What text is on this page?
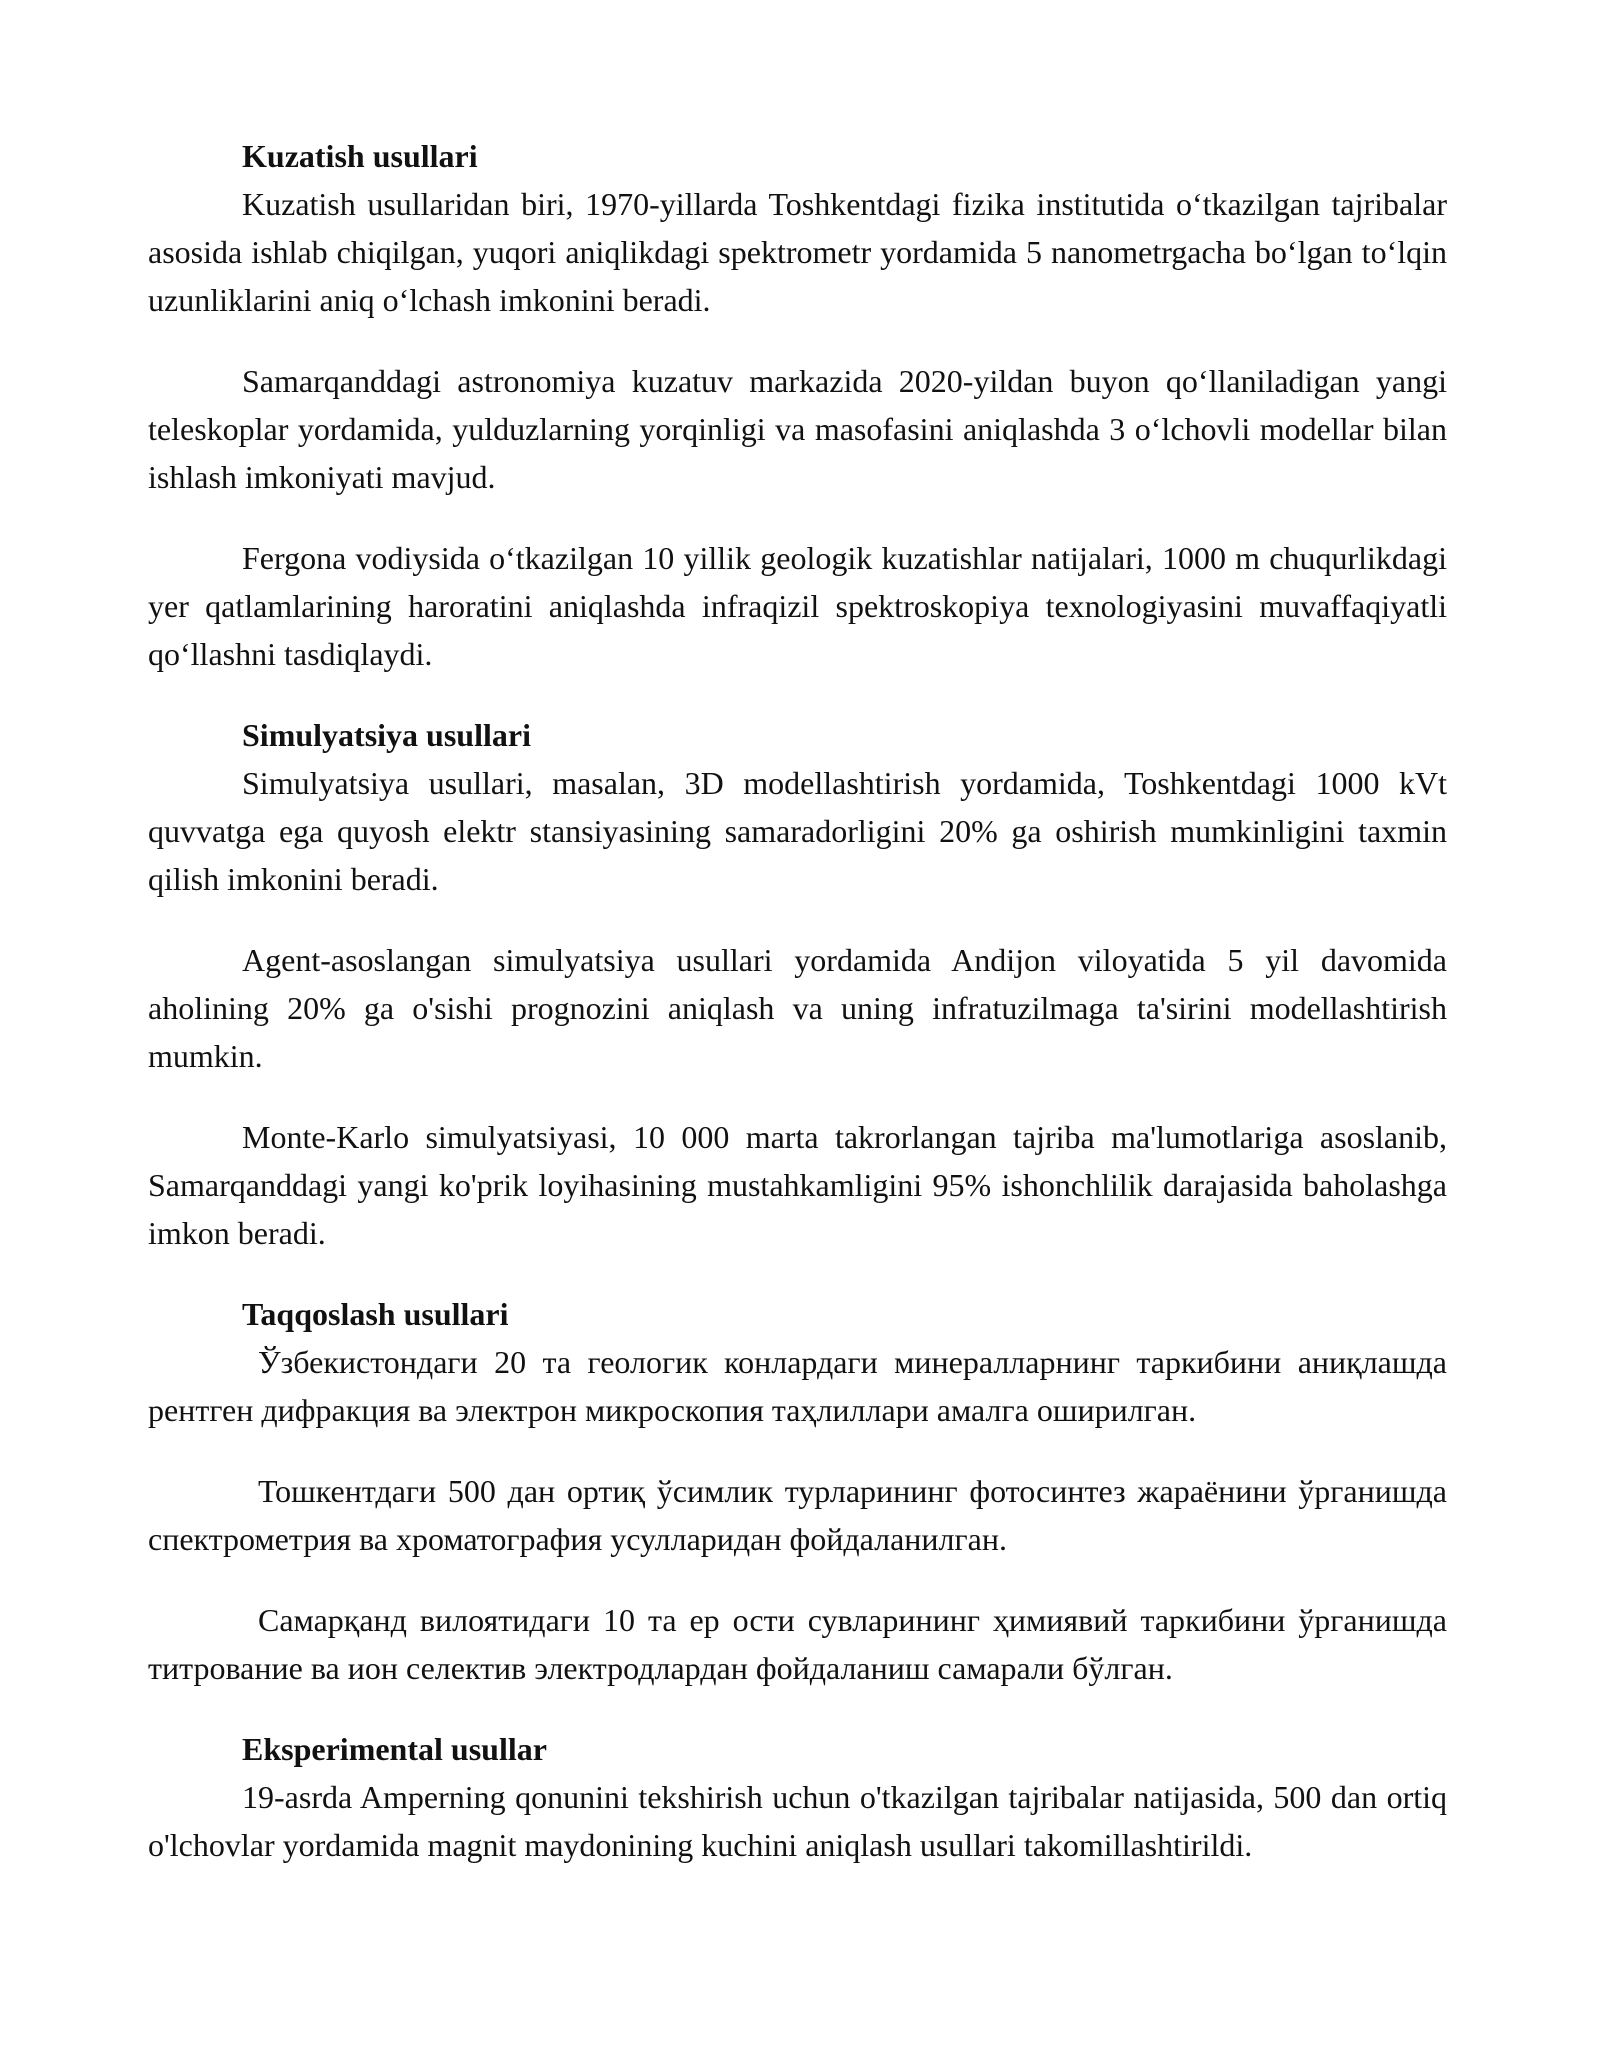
Kuzatish usullari

Kuzatish usullaridan biri, 1970-yillarda Toshkentdagi fizika institutida o‘tkazilgan tajribalar asosida ishlab chiqilgan, yuqori aniqlikdagi spektrometr yordamida 5 nanometrgacha bo‘lgan to‘lqin uzunliklarini aniq o‘lchash imkonini beradi.

Samarqanddagi astronomiya kuzatuv markazida 2020-yildan buyon qo‘llaniladigan yangi teleskoplar yordamida, yulduzlarning yorqinligi va masofasini aniqlashda 3 o‘lchovli modellar bilan ishlash imkoniyati mavjud.

Fergona vodiysida o‘tkazilgan 10 yillik geologik kuzatishlar natijalari, 1000 m chuqurlikdagi yer qatlamlarining haroratini aniqlashda infraqizil spektroskopiya texnologiyasini muvaffaqiyatli qo‘llashni tasdiqlaydi.

Simulyatsiya usullari

Simulyatsiya usullari, masalan, 3D modellashtirish yordamida, Toshkentdagi 1000 kVt quvvatga ega quyosh elektr stansiyasining samaradorligini 20% ga oshirish mumkinligini taxmin qilish imkonini beradi.

Agent-asoslangan simulyatsiya usullari yordamida Andijon viloyatida 5 yil davomida aholining 20% ga o'sishi prognozini aniqlash va uning infratuzilmaga ta'sirini modellashtirish mumkin.

Monte-Karlo simulyatsiyasi, 10 000 marta takrorlangan tajriba ma'lumotlariga asoslanib, Samarqanddagi yangi ko'prik loyihasining mustahkamligini 95% ishonchlilik darajasida baholashga imkon beradi.

Taqqoslash usullari

Ўзбекистондаги 20 та геологик конлардаги минералларнинг таркибини аниқлашда рентген дифракция ва электрон микроскопия таҳлиллари амалга оширилган.

Тошкентдаги 500 дан ортиқ ўсимлик турларининг фотосинтез жараёнини ўрганишда спектрометрия ва хроматография усулларидан фойдаланилган.

Самарқанд вилоятидаги 10 та ер ости сувларининг ҳимиявий таркибини ўрганишда титрование ва ион селектив электродлардан фойдаланиш самарали бўлган.

Eksperimental usullar

19-asrda Amperning qonunini tekshirish uchun o'tkazilgan tajribalar natijasida, 500 dan ortiq o'lchovlar yordamida magnit maydonining kuchini aniqlash usullari takomillashtirildi.
